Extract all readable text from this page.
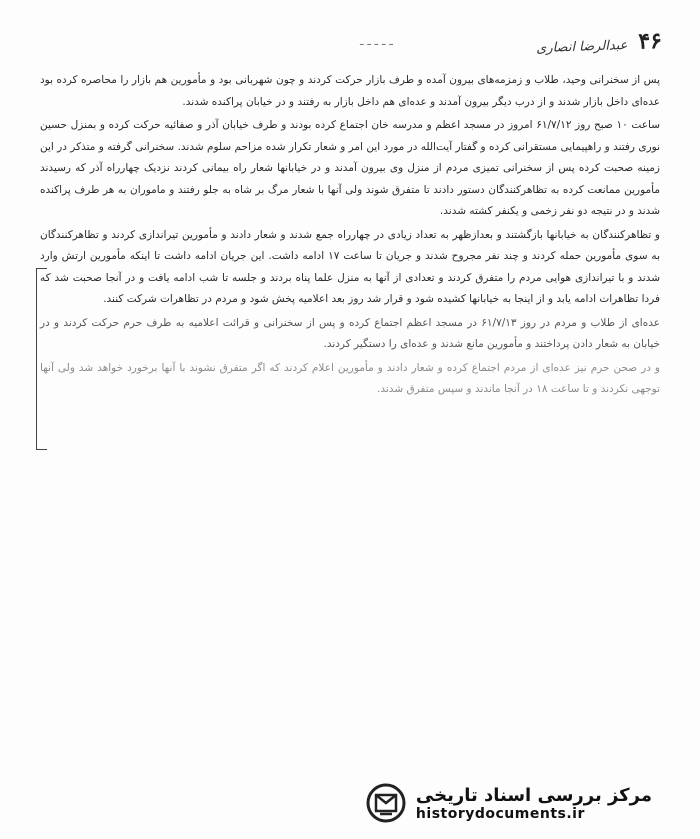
ـ ـ ـ ـ ـ	۴۶ عبدالرضا انصاری

پس از سخنرانی وحید، طلاب و زمزمه‌های بیرون آمده و طرف بازار حرکت کردند و چون شهربانی بود و مأمورین هم بازار را محاصره کرده بود عده‌ای داخل بازار شدند و از درب دیگر بیرون آمدند و عده‌ای هم داخل بازار به رفتند و در خیابان پراکنده شدند.

ساعت ۱۰ صبح روز ۶۱/۷/۱۲ امروز در مسجد اعظم و مدرسه خان اجتماع کرده بودند و طرف خیابان آذر و صفائیه حرکت کرده و بمنزل حسین نوری رفتند و راهپیمایی مستقرانی کرده و گفتار آیت‌الله در مورد این امر و شعار تکرار شده مزاحم سلوم شدند. سخنرانی گرفته و متذکر در این زمینه صحبت کرده پس از سخنرانی تمیزی مردم از منزل وی بیرون آمدند و در خیابانها شعار راه بیمانی کردند نزدیک چهارراه آذر که رسیدند مأمورین ممانعت کرده به تظاهرکنندگان دستور دادند تا متفرق شوند ولی آنها با شعار مرگ بر شاه به جلو رفتند و ماموران به هر طرف پراکنده شدند و در نتیجه دو نفر زخمی و یکنفر کشته شدند.

و تظاهرکنندگان به خیابانها بازگشتند و بعدازظهر به تعداد زیادی در چهارراه جمع شدند و شعار دادند و مأمورین تیراندازی کردند و تظاهرکنندگان به سوی مأمورین حمله کردند و چند نفر مجروح شدند و جریان تا ساعت ۱۷ ادامه داشت. این جریان ادامه داشت تا اینکه مأمورین ارتش وارد شدند و با تیراندازی هوایی مردم را متفرق کردند و تعدادی از آنها به منزل علما پناه بردند و جلسه تا شب ادامه یافت و در آنجا صحبت شد که فردا تظاهرات ادامه یابد و از اینجا به خیابانها کشیده شود و قرار شد روز بعد اعلامیه پخش شود و مردم در تظاهرات شرکت کنند.

عده‌ای از طلاب و مردم در روز ۶۱/۷/۱۳ در مسجد اعظم اجتماع کرده و پس از سخنرانی و قرائت اعلامیه به طرف حرم حرکت کردند و در خیابان به شعار دادن پرداختند و مأمورین مانع شدند و عده‌ای را دستگیر کردند.

و در صحن حرم نیز عده‌ای از مردم اجتماع کرده و شعار دادند و مأمورین اعلام کردند که اگر متفرق نشوند با آنها برخورد خواهد شد ولی آنها توجهی نکردند و تا ساعت ۱۸ در آنجا ماندند و سپس متفرق شدند.

مرکز بررسی اسناد تاریخی
historydocuments.ir
